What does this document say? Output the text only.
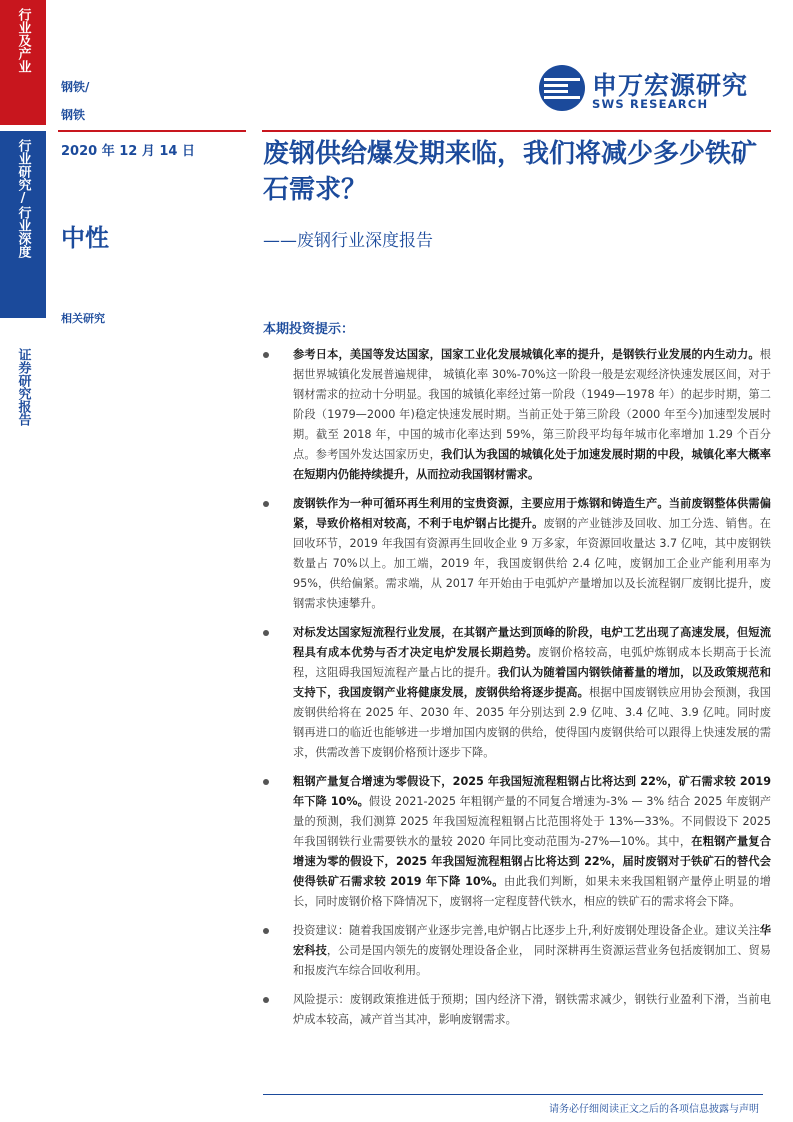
行业及产业
行业研究/行业深度
证券研究报告
钢铁/
钢铁
2020 年 12 月 14 日
中性
相关研究
申万宏源研究
SWS RESEARCH
废钢供给爆发期来临，我们将减少多少铁矿石需求？
——废钢行业深度报告
本期投资提示：
参考日本，美国等发达国家，国家工业化发展城镇化率的提升，是钢铁行业发展的内生动力。根据世界城镇化发展普遍规律， 城镇化率 30%-70%这一阶段一般是宏观经济快速发展区间，对于钢材需求的拉动十分明显。我国的城镇化率经过第一阶段（1949—1978 年）的起步时期，第二阶段（1979—2000 年)稳定快速发展时期。当前正处于第三阶段（2000 年至今)加速型发展时期。截至 2018 年，中国的城市化率达到 59%，第三阶段平均每年城市化率增加 1.29 个百分点。参考国外发达国家历史，我们认为我国的城镇化处于加速发展时期的中段，城镇化率大概率在短期内仍能持续提升，从而拉动我国钢材需求。
废钢铁作为一种可循环再生利用的宝贵资源，主要应用于炼钢和铸造生产。当前废钢整体供需偏紧，导致价格相对较高，不利于电炉钢占比提升。废钢的产业链涉及回收、加工分选、销售。在回收环节，2019 年我国有资源再生回收企业 9 万多家，年资源回收量达 3.7 亿吨，其中废钢铁数量占 70%以上。加工端，2019 年，我国废钢供给 2.4 亿吨，废钢加工企业产能利用率为 95%，供给偏紧。需求端，从 2017 年开始由于电弧炉产量增加以及长流程钢厂废钢比提升，废钢需求快速攀升。
对标发达国家短流程行业发展，在其钢产量达到顶峰的阶段，电炉工艺出现了高速发展，但短流程具有成本优势与否才决定电炉发展长期趋势。废钢价格较高，电弧炉炼钢成本长期高于长流程，这阻碍我国短流程产量占比的提升。我们认为随着国内钢铁储蓄量的增加，以及政策规范和支持下，我国废钢产业将健康发展，废钢供给将逐步提高。根据中国废钢铁应用协会预测，我国废钢供给将在 2025 年、2030 年、2035 年分别达到 2.9 亿吨、3.4 亿吨、3.9 亿吨。同时废钢再进口的临近也能够进一步增加国内废钢的供给，使得国内废钢供给可以跟得上快速发展的需求，供需改善下废钢价格预计逐步下降。
粗钢产量复合增速为零假设下，2025 年我国短流程粗钢占比将达到 22%，矿石需求较 2019 年下降 10%。假设 2021-2025 年粗钢产量的不同复合增速为-3% — 3% 结合 2025 年废钢产量的预测，我们测算 2025 年我国短流程粗钢占比范围将处于 13%—33%。不同假设下 2025 年我国钢铁行业需要铁水的量较 2020 年同比变动范围为-27%—10%。其中，在粗钢产量复合增速为零的假设下，2025 年我国短流程粗钢占比将达到 22%，届时废钢对于铁矿石的替代会使得铁矿石需求较 2019 年下降 10%。由此我们判断，如果未来我国粗钢产量停止明显的增长，同时废钢价格下降情况下，废钢将一定程度替代铁水，相应的铁矿石的需求将会下降。
投资建议：随着我国废钢产业逐步完善,电炉钢占比逐步上升,利好废钢处理设备企业。建议关注华宏科技，公司是国内领先的废钢处理设备企业， 同时深耕再生资源运营业务包括废钢加工、贸易和报废汽车综合回收利用。
风险提示：废钢政策推进低于预期；国内经济下滑，钢铁需求减少，钢铁行业盈利下滑，当前电炉成本较高，减产首当其冲，影响废钢需求。
请务必仔细阅读正文之后的各项信息披露与声明
